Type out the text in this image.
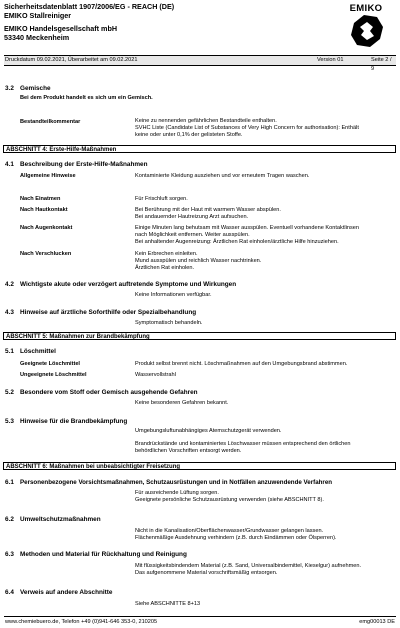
Sicherheitsdatenblatt 1907/2006/EG - REACH (DE)
EMIKO Stallreiniger
EMIKO Handelsgesellschaft mbH
53340 Meckenheim
EMIKO
Druckdatum 09.02.2021, Überarbeitet am 09.02.2021	Version 01	Seite 2 / 9
3.2 Gemische
Bei dem Produkt handelt es sich um ein Gemisch.
Bestandteilkommentar	Keine zu nennenden gefährlichen Bestandteile enthalten.
SVHC Liste (Candidate List of Substances of Very High Concern for authorisation): Enthält
keine oder unter 0,1% der gelisteten Stoffe.
ABSCHNITT 4: Erste-Hilfe-Maßnahmen
4.1 Beschreibung der Erste-Hilfe-Maßnahmen
Allgemeine Hinweise	Kontaminierte Kleidung ausziehen und vor erneutem Tragen waschen.
Nach Einatmen	Für Frischluft sorgen.
Nach Hautkontakt	Bei Berührung mit der Haut mit warmem Wasser abspülen.
Bei andauernder Hautreizung Arzt aufsuchen.
Nach Augenkontakt	Einige Minuten lang behutsam mit Wasser ausspülen. Eventuell vorhandene Kontaktlinsen
nach Möglichkeit entfernen. Weiter ausspülen.
Bei anhaltender Augenreizung: Ärztlichen Rat einholen/ärztliche Hilfe hinzuziehen.
Nach Verschlucken	Kein Erbrechen einleiten.
Mund ausspülen und reichlich Wasser nachtrinken.
Ärztlichen Rat einholen.
4.2 Wichtigste akute oder verzögert auftretende Symptome und Wirkungen
Keine Informationen verfügbar.
4.3 Hinweise auf ärztliche Soforthilfe oder Spezialbehandlung
Symptomatisch behandeln.
ABSCHNITT 5: Maßnahmen zur Brandbekämpfung
5.1 Löschmittel
Geeignete Löschmittel	Produkt selbst brennt nicht. Löschmaßnahmen auf den Umgebungsbrand abstimmen.
Ungeeignete Löschmittel	Wasservollstrahl
5.2 Besondere vom Stoff oder Gemisch ausgehende Gefahren
Keine besonderen Gefahren bekannt.
5.3 Hinweise für die Brandbekämpfung
Umgebungsluftunabhängiges Atemschutzgerät verwenden.
Brandrückstände und kontaminiertes Löschwasser müssen entsprechend den örtlichen
behördlichen Vorschriften entsorgt werden.
ABSCHNITT 6: Maßnahmen bei unbeabsichtigter Freisetzung
6.1 Personenbezogene Vorsichtsmaßnahmen, Schutzausrüstungen und in Notfällen anzuwendende Verfahren
Für ausreichende Lüftung sorgen.
Geeignete persönliche Schutzausrüstung verwenden (siehe ABSCHNITT 8).
6.2 Umweltschutzmaßnahmen
Nicht in die Kanalisation/Oberflächenwasser/Grundwasser gelangen lassen.
Flächenmäßige Ausdehnung verhindern (z.B. durch Eindämmen oder Ölsperren).
6.3 Methoden und Material für Rückhaltung und Reinigung
Mit flüssigkeitsbindendem Material (z.B. Sand, Universalbindemittel, Kieselgur) aufnehmen.
Das aufgenommene Material vorschriftsmäßig entsorgen.
6.4 Verweis auf andere Abschnitte
Siehe ABSCHNITTE 8+13
www.chemiebuero.de, Telefon +49 (0)941-646 353-0, 210205	emg00013 DE
